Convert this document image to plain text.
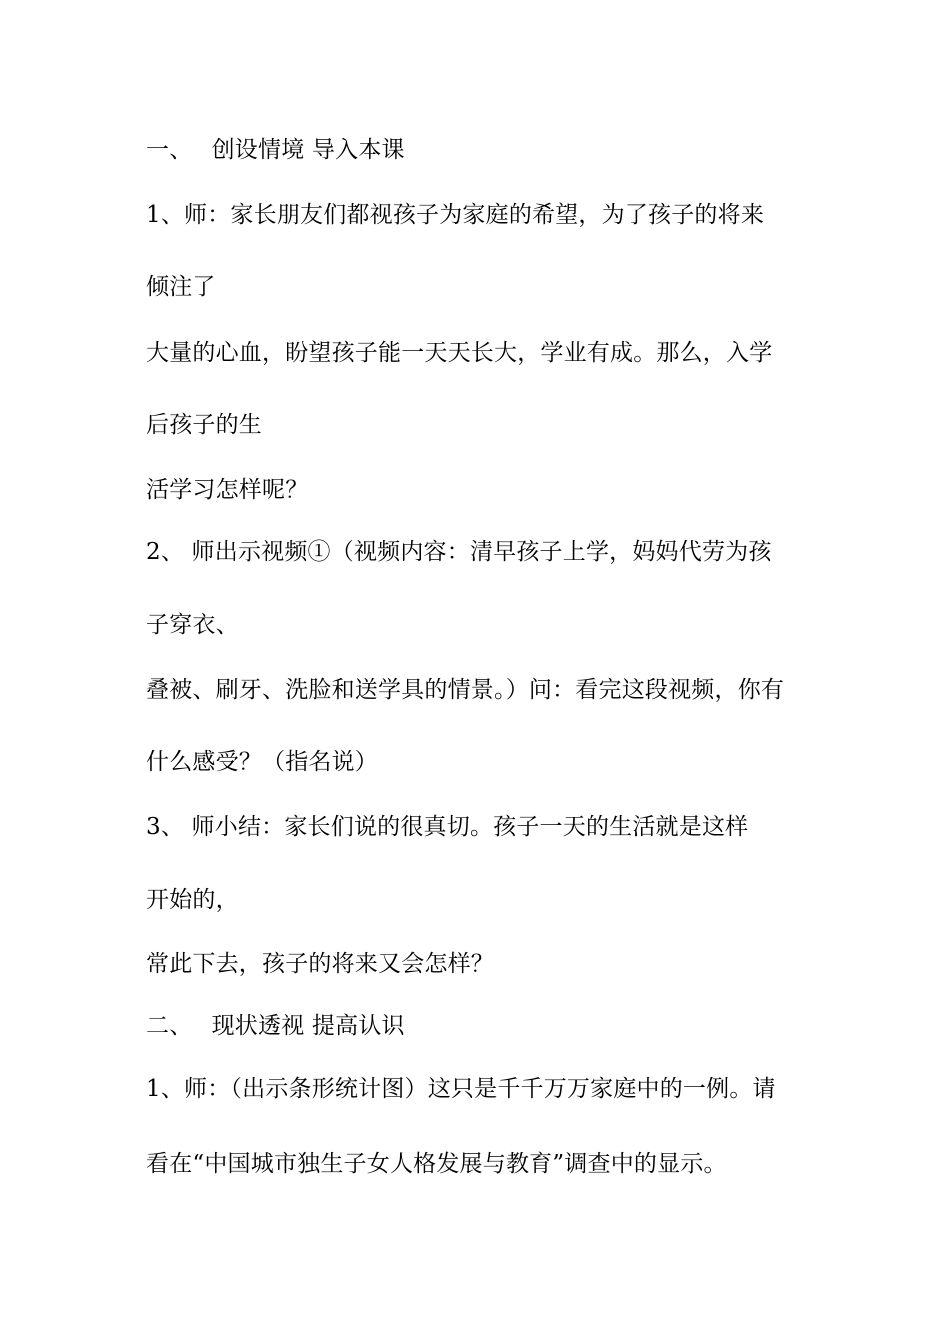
一、　 创设情境 导入本课
1、师：家长朋友们都视孩子为家庭的希望，为了孩子的将来
倾注了
大量的心血，盼望孩子能一天天长大，学业有成。那么，入学
后孩子的生
活学习怎样呢？
2、 师出示视频①（视频内容：清早孩子上学，妈妈代劳为孩
子穿衣、
叠被、刷牙、洗脸和送学具的情景。）问：看完这段视频，你有
什么感受？（指名说）
3、 师小结：家长们说的很真切。孩子一天的生活就是这样
开始的，
常此下去，孩子的将来又会怎样？
二、　 现状透视 提高认识
1、师：（出示条形统计图）这只是千千万万家庭中的一例。请
看在“中国城市独生子女人格发展与教育”调查中的显示。
